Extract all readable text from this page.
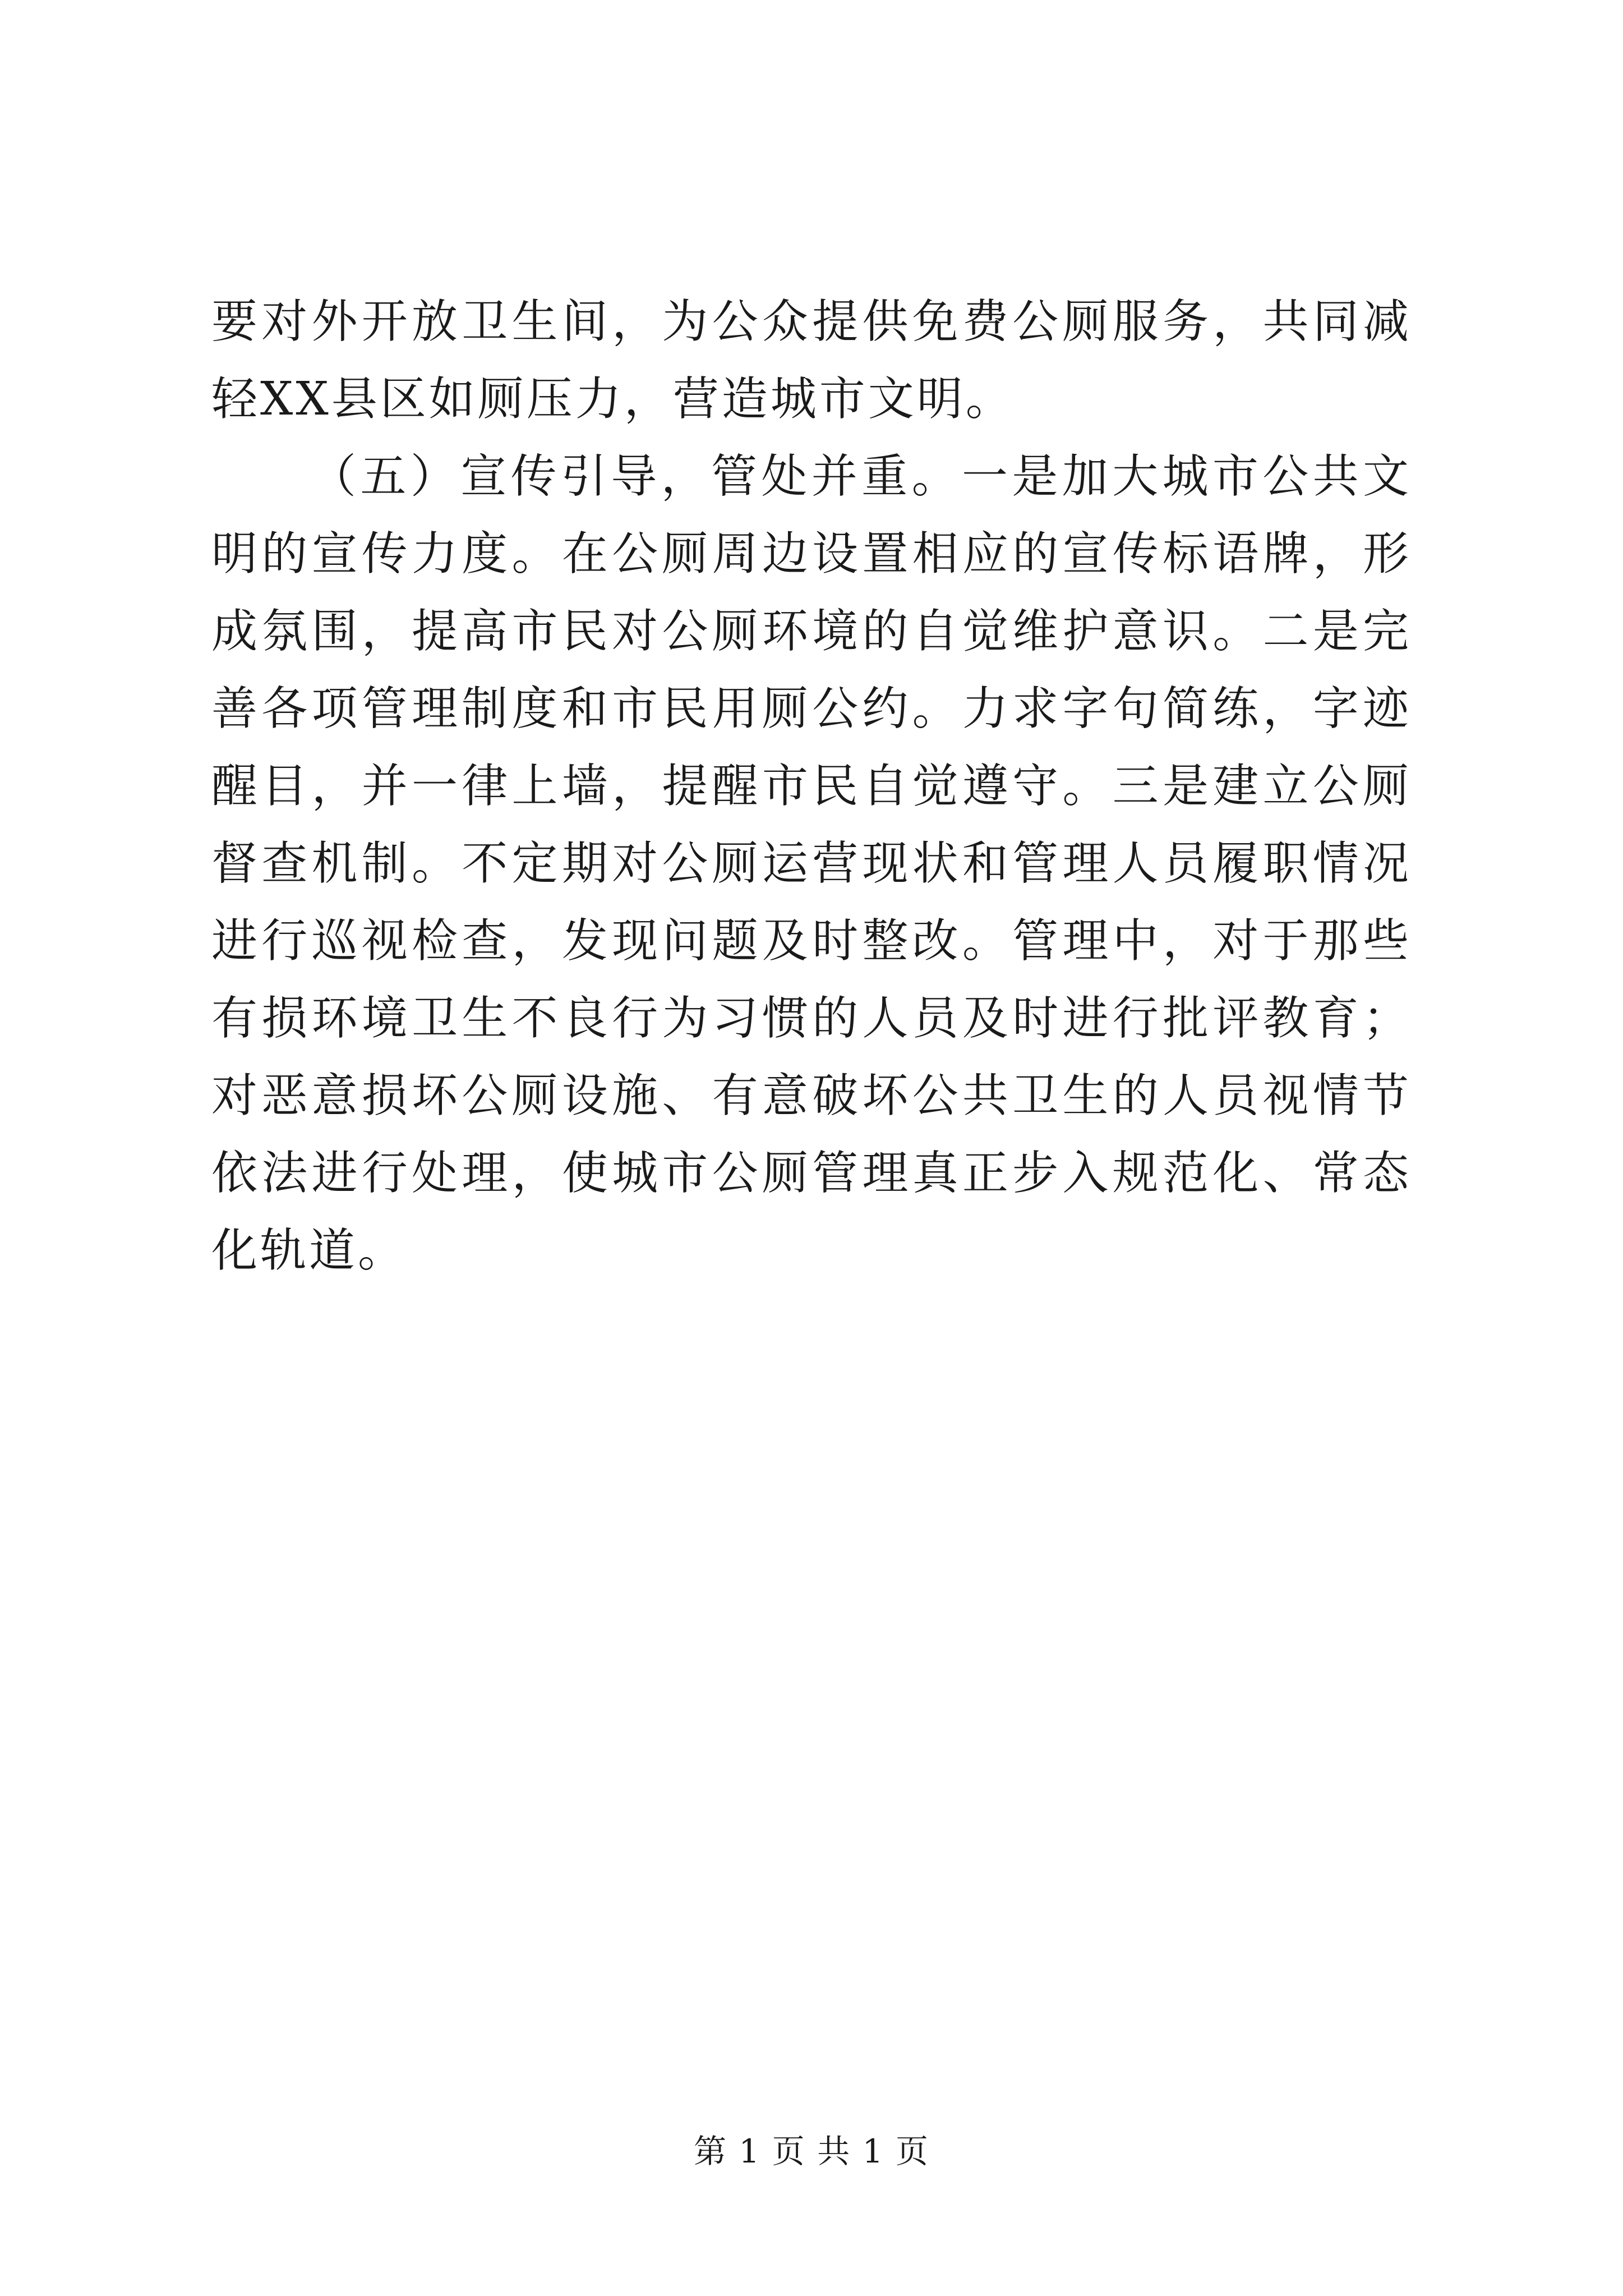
要对外开放卫生间，为公众提供免费公厕服务，共同减轻XX县区如厕压力，营造城市文明。

（五）宣传引导，管处并重。一是加大城市公共文明的宣传力度。在公厕周边设置相应的宣传标语牌，形成氛围，提高市民对公厕环境的自觉维护意识。二是完善各项管理制度和市民用厕公约。力求字句简练，字迹醒目，并一律上墙，提醒市民自觉遵守。三是建立公厕督查机制。不定期对公厕运营现状和管理人员履职情况进行巡视检查，发现问题及时整改。管理中，对于那些有损环境卫生不良行为习惯的人员及时进行批评教育；对恶意损坏公厕设施、有意破坏公共卫生的人员视情节依法进行处理，使城市公厕管理真正步入规范化、常态化轨道。

第 1 页 共 1 页
